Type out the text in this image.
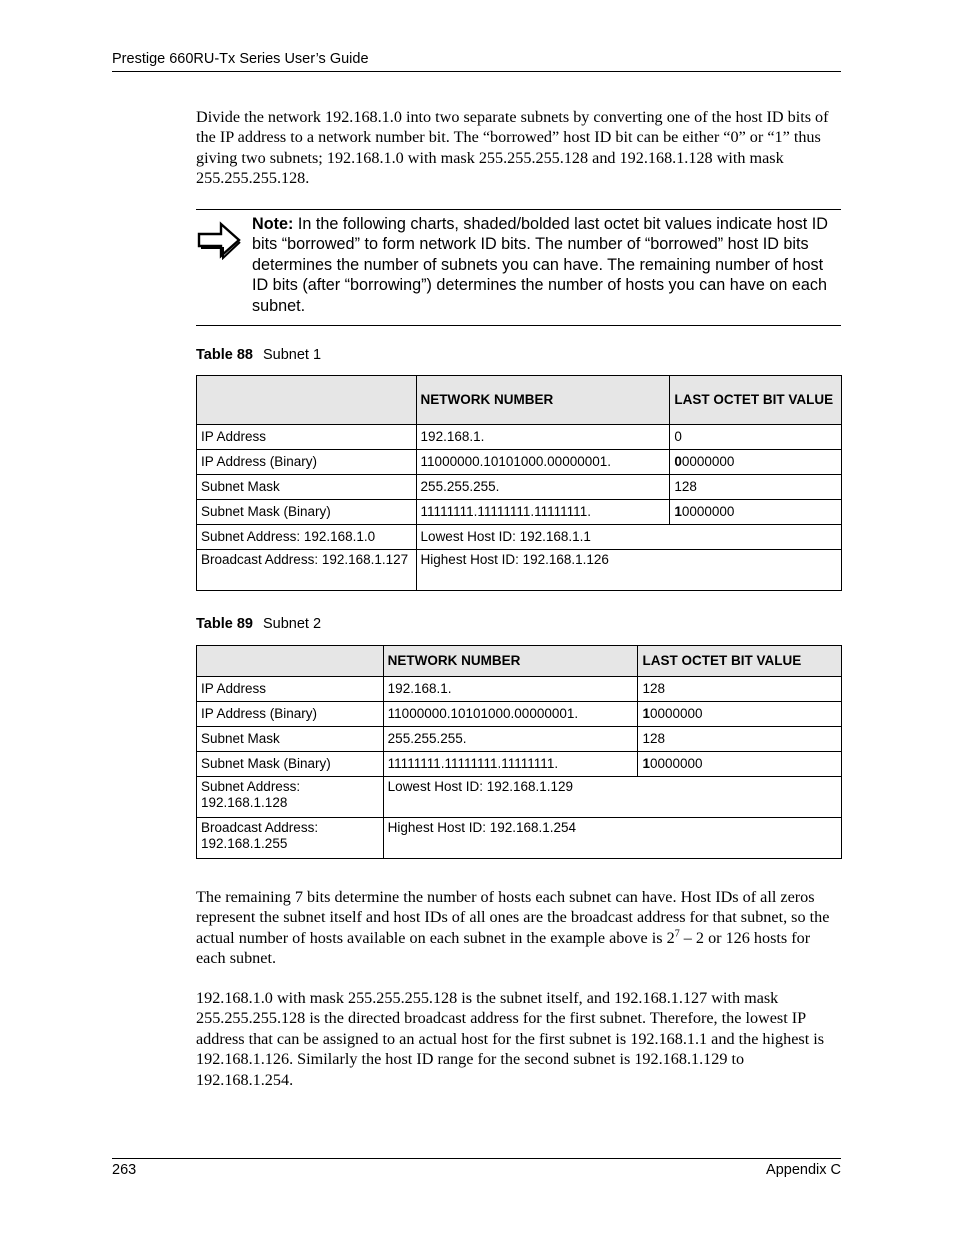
Prestige 660RU-Tx Series User’s Guide

Divide the network 192.168.1.0 into two separate subnets by converting one of the host ID bits of the IP address to a network number bit. The “borrowed” host ID bit can be either “0” or “1” thus giving two subnets; 192.168.1.0 with mask 255.255.255.128 and 192.168.1.128 with mask 255.255.255.128.

Note: In the following charts, shaded/bolded last octet bit values indicate host ID bits “borrowed” to form network ID bits. The number of “borrowed” host ID bits determines the number of subnets you can have. The remaining number of host ID bits (after “borrowing”) determines the number of hosts you can have on each subnet.
Table 88 Subnet 1
	NETWORK NUMBER	LAST OCTET BIT VALUE
IP Address	192.168.1.	0
IP Address (Binary)	11000000.10101000.00000001.	00000000
Subnet Mask	255.255.255.	128
Subnet Mask (Binary)	11111111.11111111.11111111.	10000000
Subnet Address: 192.168.1.0	Lowest Host ID: 192.168.1.1	
Broadcast Address: 192.168.1.127	Highest Host ID: 192.168.1.126	
Table 89 Subnet 2
	NETWORK NUMBER	LAST OCTET BIT VALUE
IP Address	192.168.1.	128
IP Address (Binary)	11000000.10101000.00000001.	10000000
Subnet Mask	255.255.255.	128
Subnet Mask (Binary)	11111111.11111111.11111111.	10000000
Subnet Address: 192.168.1.128	Lowest Host ID: 192.168.1.129	
Broadcast Address: 192.168.1.255	Highest Host ID: 192.168.1.254	

The remaining 7 bits determine the number of hosts each subnet can have. Host IDs of all zeros represent the subnet itself and host IDs of all ones are the broadcast address for that subnet, so the actual number of hosts available on each subnet in the example above is $2^7 - 2$ or 126 hosts for each subnet.

192.168.1.0 with mask 255.255.255.128 is the subnet itself, and 192.168.1.127 with mask 255.255.255.128 is the directed broadcast address for the first subnet. Therefore, the lowest IP address that can be assigned to an actual host for the first subnet is 192.168.1.1 and the highest is 192.168.1.126. Similarly the host ID range for the second subnet is 192.168.1.129 to 192.168.1.254.

263	Appendix C
